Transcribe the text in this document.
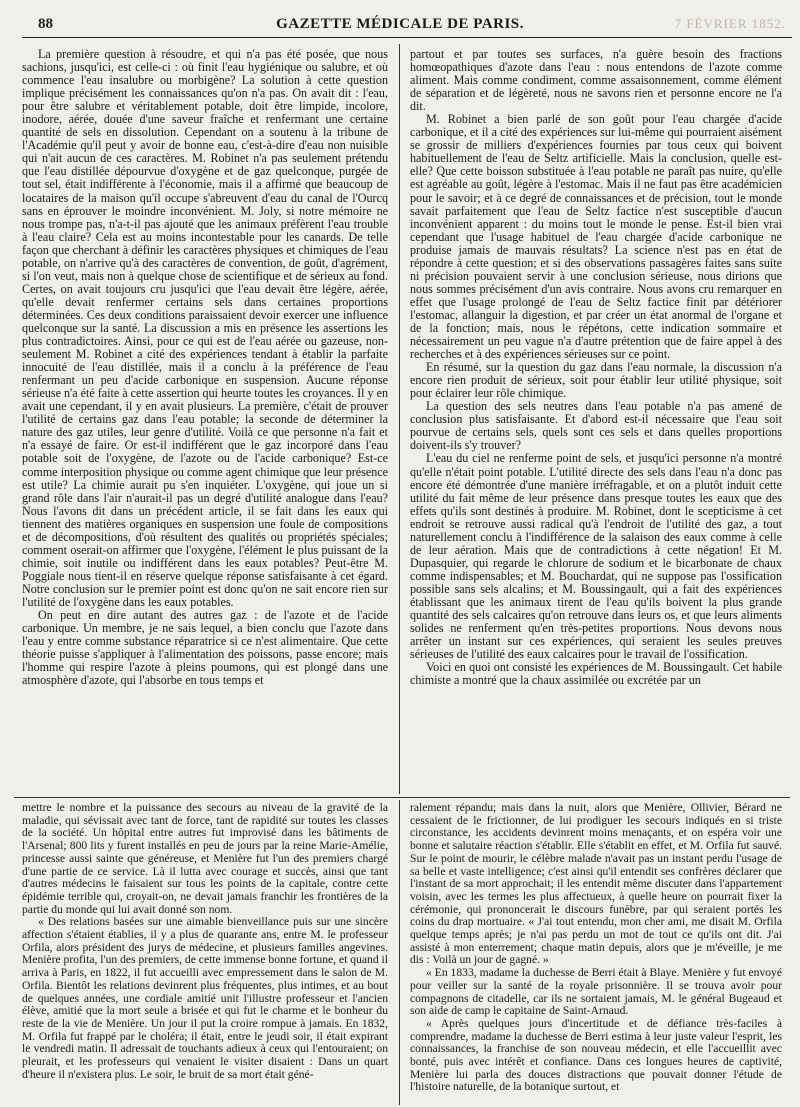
88	GAZETTE MÉDICALE DE PARIS.	7 FÉVRIER 1852.

La première question à résoudre, et qui n'a pas été posée, que nous sachions, jusqu'ici, est celle-ci : où finit l'eau hygiénique ou salubre, et où commence l'eau insalubre ou morbigène? La solution à cette question implique précisément les connaissances qu'on n'a pas. On avait dit : l'eau, pour être salubre et véritablement potable, doit être limpide, incolore, inodore, aérée, douée d'une saveur fraîche et renfermant une certaine quantité de sels en dissolution. Cependant on a soutenu à la tribune de l'Académie qu'il peut y avoir de bonne eau, c'est-à-dire d'eau non nuisible qui n'ait aucun de ces caractères. M. Robinet n'a pas seulement prétendu que l'eau distillée dépourvue d'oxygène et de gaz quelconque, purgée de tout sel, était indifférente à l'économie, mais il a affirmé que beaucoup de locataires de la maison qu'il occupe s'abreuvent d'eau du canal de l'Ourcq sans en éprouver le moindre inconvénient. M. Joly, si notre mémoire ne nous trompe pas, n'a-t-il pas ajouté que les animaux préfèrent l'eau trouble à l'eau claire? Cela est au moins incontestable pour les canards. De telle façon que cherchant à définir les caractères physiques et chimiques de l'eau potable, on n'arrive qu'à des caractères de convention, de goût, d'agrément, si l'on veut, mais non à quelque chose de scientifique et de sérieux au fond. Certes, on avait toujours cru jusqu'ici que l'eau devait être légère, aérée, qu'elle devait renfermer certains sels dans certaines proportions déterminées. Ces deux conditions paraissaient devoir exercer une influence quelconque sur la santé. La discussion a mis en présence les assertions les plus contradictoires. Ainsi, pour ce qui est de l'eau aérée ou gazeuse, non-seulement M. Robinet a cité des expériences tendant à établir la parfaite innocuité de l'eau distillée, mais il a conclu à la préférence de l'eau renfermant un peu d'acide carbonique en suspension. Aucune réponse sérieuse n'a été faite à cette assertion qui heurte toutes les croyances. Il y en avait une cependant, il y en avait plusieurs. La première, c'était de prouver l'utilité de certains gaz dans l'eau potable; la seconde de déterminer la nature des gaz utiles, leur genre d'utilité. Voilà ce que personne n'a fait et n'a essayé de faire. Or est-il indifférent que le gaz incorporé dans l'eau potable soit de l'oxygène, de l'azote ou de l'acide carbonique? Est-ce comme interposition physique ou comme agent chimique que leur présence est utile? La chimie aurait pu s'en inquiéter. L'oxygène, qui joue un si grand rôle dans l'air n'aurait-il pas un degré d'utilité analogue dans l'eau? Nous l'avons dit dans un précédent article, il se fait dans les eaux qui tiennent des matières organiques en suspension une foule de compositions et de décompositions, d'où résultent des qualités ou propriétés spéciales; comment oserait-on affirmer que l'oxygène, l'élément le plus puissant de la chimie, soit inutile ou indifférent dans les eaux potables? Peut-être M. Poggiale nous tient-il en réserve quelque réponse satisfaisante à cet égard. Notre conclusion sur le premier point est donc qu'on ne sait encore rien sur l'utilité de l'oxygène dans les eaux potables.

On peut en dire autant des autres gaz : de l'azote et de l'acide carbonique. Un membre, je ne sais lequel, a bien conclu que l'azote dans l'eau y entre comme substance réparatrice si ce n'est alimentaire. Que cette théorie puisse s'appliquer à l'alimentation des poissons, passe encore; mais l'homme qui respire l'azote à pleins poumons, qui est plongé dans une atmosphère d'azote, qui l'absorbe en tous temps et

partout et par toutes ses surfaces, n'a guère besoin des fractions homœopathiques d'azote dans l'eau : nous entendons de l'azote comme aliment. Mais comme condiment, comme assaisonnement, comme élément de séparation et de légèreté, nous ne savons rien et personne encore ne l'a dit.

M. Robinet a bien parlé de son goût pour l'eau chargée d'acide carbonique, et il a cité des expériences sur lui-même qui pourraient aisément se grossir de milliers d'expériences fournies par tous ceux qui boivent habituellement de l'eau de Seltz artificielle. Mais la conclusion, quelle est-elle? Que cette boisson substituée à l'eau potable ne paraît pas nuire, qu'elle est agréable au goût, légère à l'estomac. Mais il ne faut pas être académicien pour le savoir; et à ce degré de connaissances et de précision, tout le monde savait parfaitement que l'eau de Seltz factice n'est susceptible d'aucun inconvénient apparent : du moins tout le monde le pense. Est-il bien vrai cependant que l'usage habituel de l'eau chargée d'acide carbonique ne produise jamais de mauvais résultats? La science n'est pas en état de répondre à cette question; et si des observations passagères faites sans suite ni précision pouvaient servir à une conclusion sérieuse, nous dirions que nous sommes précisément d'un avis contraire. Nous avons cru remarquer en effet que l'usage prolongé de l'eau de Seltz factice finit par détériorer l'estomac, allanguir la digestion, et par créer un état anormal de l'organe et de la fonction; mais, nous le répétons, cette indication sommaire et nécessairement un peu vague n'a d'autre prétention que de faire appel à des recherches et à des expériences sérieuses sur ce point.

En résumé, sur la question du gaz dans l'eau normale, la discussion n'a encore rien produit de sérieux, soit pour établir leur utilité physique, soit pour éclairer leur rôle chimique.

La question des sels neutres dans l'eau potable n'a pas amené de conclusion plus satisfaisante. Et d'abord est-il nécessaire que l'eau soit pourvue de certains sels, quels sont ces sels et dans quelles proportions doivent-ils s'y trouver?

L'eau du ciel ne renferme point de sels, et jusqu'ici personne n'a montré qu'elle n'était point potable. L'utilité directe des sels dans l'eau n'a donc pas encore été démontrée d'une manière irréfragable, et on a plutôt induit cette utilité du fait même de leur présence dans presque toutes les eaux que des effets qu'ils sont destinés à produire. M. Robinet, dont le scepticisme à cet endroit se retrouve aussi radical qu'à l'endroit de l'utilité des gaz, a tout naturellement conclu à l'indifférence de la salaison des eaux comme à celle de leur aération. Mais que de contradictions à cette négation! Et M. Dupasquier, qui regarde le chlorure de sodium et le bicarbonate de chaux comme indispensables; et M. Bouchardat, qui ne suppose pas l'ossification possible sans sels alcalins; et M. Boussingault, qui a fait des expériences établissant que les animaux tirent de l'eau qu'ils boivent la plus grande quantité des sels calcaires qu'on retrouve dans leurs os, et que leurs aliments solides ne renferment qu'en très-petites proportions. Nous devons nous arrêter un instant sur ces expériences, qui seraient les seules preuves sérieuses de l'utilité des eaux calcaires pour le travail de l'ossification.

Voici en quoi ont consisté les expériences de M. Boussingault. Cet habile chimiste a montré que la chaux assimilée ou excrétée par un

mettre le nombre et la puissance des secours au niveau de la gravité de la maladie, qui sévissait avec tant de force, tant de rapidité sur toutes les classes de la société. Un hôpital entre autres fut improvisé dans les bâtiments de l'Arsenal; 800 lits y furent installés en peu de jours par la reine Marie-Amélie, princesse aussi sainte que généreuse, et Menière fut l'un des premiers chargé d'une partie de ce service. Là il lutta avec courage et succès, ainsi que tant d'autres médecins le faisaient sur tous les points de la capitale, contre cette épidémie terrible qui, croyait-on, ne devait jamais franchir les frontières de la partie du monde qui lui avait donné son nom.

« Des relations basées sur une aimable bienveillance puis sur une sincère affection s'étaient établies, il y a plus de quarante ans, entre M. le professeur Orfila, alors président des jurys de médecine, et plusieurs familles angevines. Menière profita, l'un des premiers, de cette immense bonne fortune, et quand il arriva à Paris, en 1822, il fut accueilli avec empressement dans le salon de M. Orfila. Bientôt les relations devinrent plus fréquentes, plus intimes, et au bout de quelques années, une cordiale amitié unit l'illustre professeur et l'ancien élève, amitié que la mort seule a brisée et qui fut le charme et le bonheur du reste de la vie de Menière. Un jour il put la croire rompue à jamais. En 1832, M. Orfila fut frappé par le choléra; il était, entre le jeudi soir, il était expirant le vendredi matin. Il adressait de touchants adieux à ceux qui l'entouraient; on pleurait, et les professeurs qui venaient le visiter disaient : Dans un quart d'heure il n'existera plus. Le soir, le bruit de sa mort était géné-

ralement répandu; mais dans la nuit, alors que Menière, Ollivier, Bérard ne cessaient de le frictionner, de lui prodiguer les secours indiqués en si triste circonstance, les accidents devinrent moins menaçants, et on espéra voir une bonne et salutaire réaction s'établir. Elle s'établit en effet, et M. Orfila fut sauvé. Sur le point de mourir, le célèbre malade n'avait pas un instant perdu l'usage de sa belle et vaste intelligence; c'est ainsi qu'il entendit ses confrères déclarer que l'instant de sa mort approchait; il les entendit même discuter dans l'appartement voisin, avec les termes les plus affectueux, à quelle heure on pourrait fixer la cérémonie, qui prononcerait le discours funèbre, par qui seraient portés les coins du drap mortuaire. « J'ai tout entendu, mon cher ami, me disait M. Orfila quelque temps après; je n'ai pas perdu un mot de tout ce qu'ils ont dit. J'ai assisté à mon enterrement; chaque matin depuis, alors que je m'éveille, je me dis : Voilà un jour de gagné. »

« En 1833, madame la duchesse de Berri était à Blaye. Menière y fut envoyé pour veiller sur la santé de la royale prisonnière. Il se trouva avoir pour compagnons de citadelle, car ils ne sortaient jamais, M. le général Bugeaud et son aide de camp le capitaine de Saint-Arnaud.

« Après quelques jours d'incertitude et de défiance très-faciles à comprendre, madame la duchesse de Berri estima à leur juste valeur l'esprit, les connaissances, la franchise de son nouveau médecin, et elle l'accueillit avec bonté, puis avec intérêt et confiance. Dans ces longues heures de captivité, Menière lui parla des douces distractions que pouvait donner l'étude de l'histoire naturelle, de la botanique surtout, et
